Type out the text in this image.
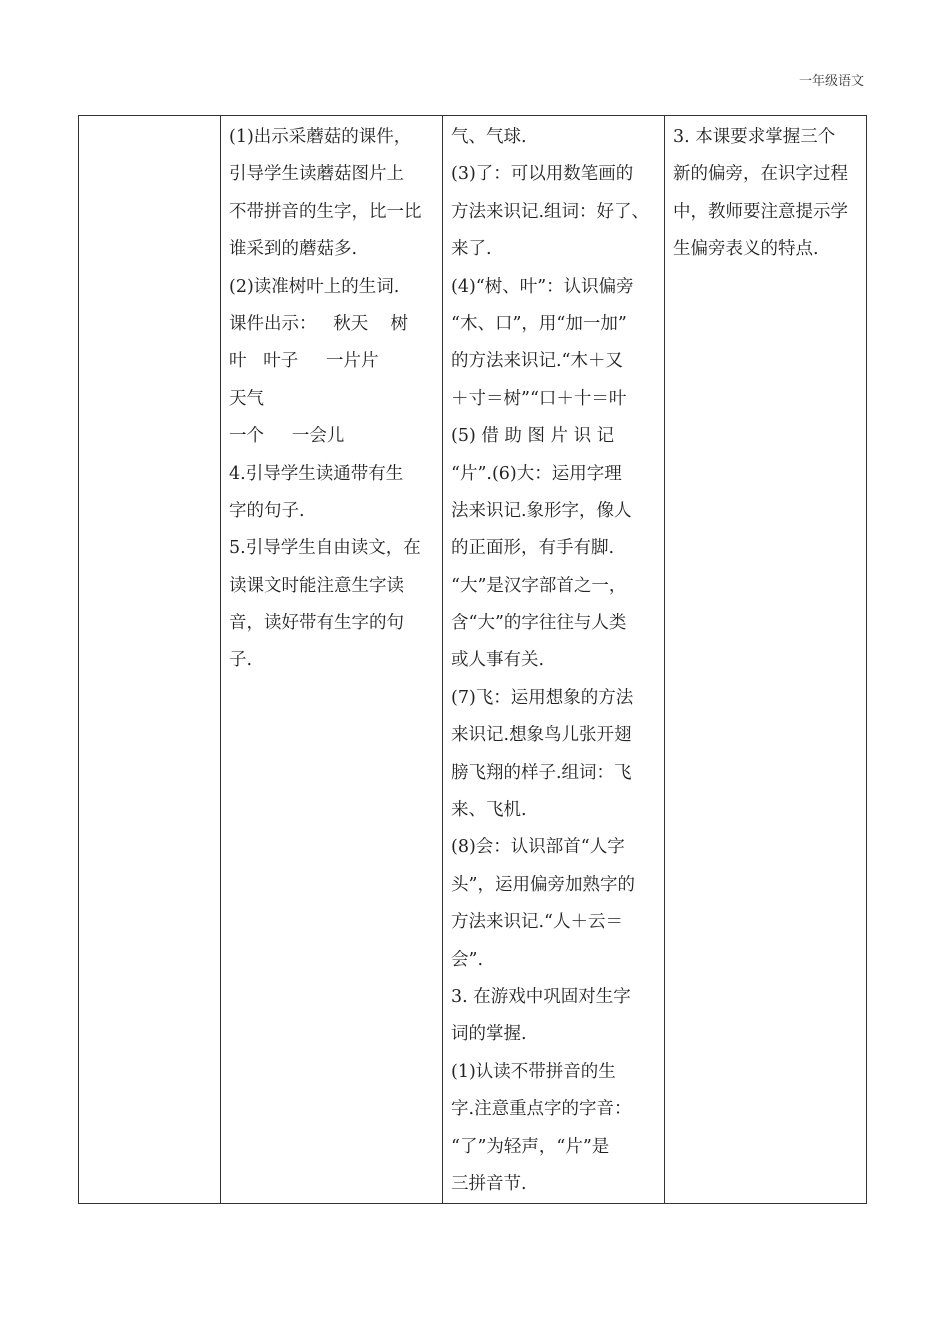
一年级语文

(1)出示采蘑菇的课件，
引导学生读蘑菇图片上
不带拼音的生字，比一比
谁采到的蘑菇多.
(2)读准树叶上的生词.
课件出示：   秋天    树
叶   叶子     一片片
天气
一个     一会儿
4.引导学生读通带有生
字的句子.
5.引导学生自由读文，在
读课文时能注意生字读
音，读好带有生字的句
子.

气、气球.
(3)了：可以用数笔画的
方法来识记.组词：好了、
来了.
(4)“树、叶”：认识偏旁
“木、口”，用“加一加”
的方法来识记.“木＋又
＋寸＝树”“口＋十＝叶
(5) 借 助 图 片 识 记
“片”.(6)大：运用字理
法来识记.象形字，像人
的正面形，有手有脚.
“大”是汉字部首之一，
含“大”的字往往与人类
或人事有关.
(7)飞：运用想象的方法
来识记.想象鸟儿张开翅
膀飞翔的样子.组词：飞
来、飞机.
(8)会：认识部首“人字
头”，运用偏旁加熟字的
方法来识记.“人＋云＝
会”.
3. 在游戏中巩固对生字
词的掌握.
(1)认读不带拼音的生
字.注意重点字的字音：
“了”为轻声，“片”是
三拼音节.

3. 本课要求掌握三个
新的偏旁，在识字过程
中，教师要注意提示学
生偏旁表义的特点.
